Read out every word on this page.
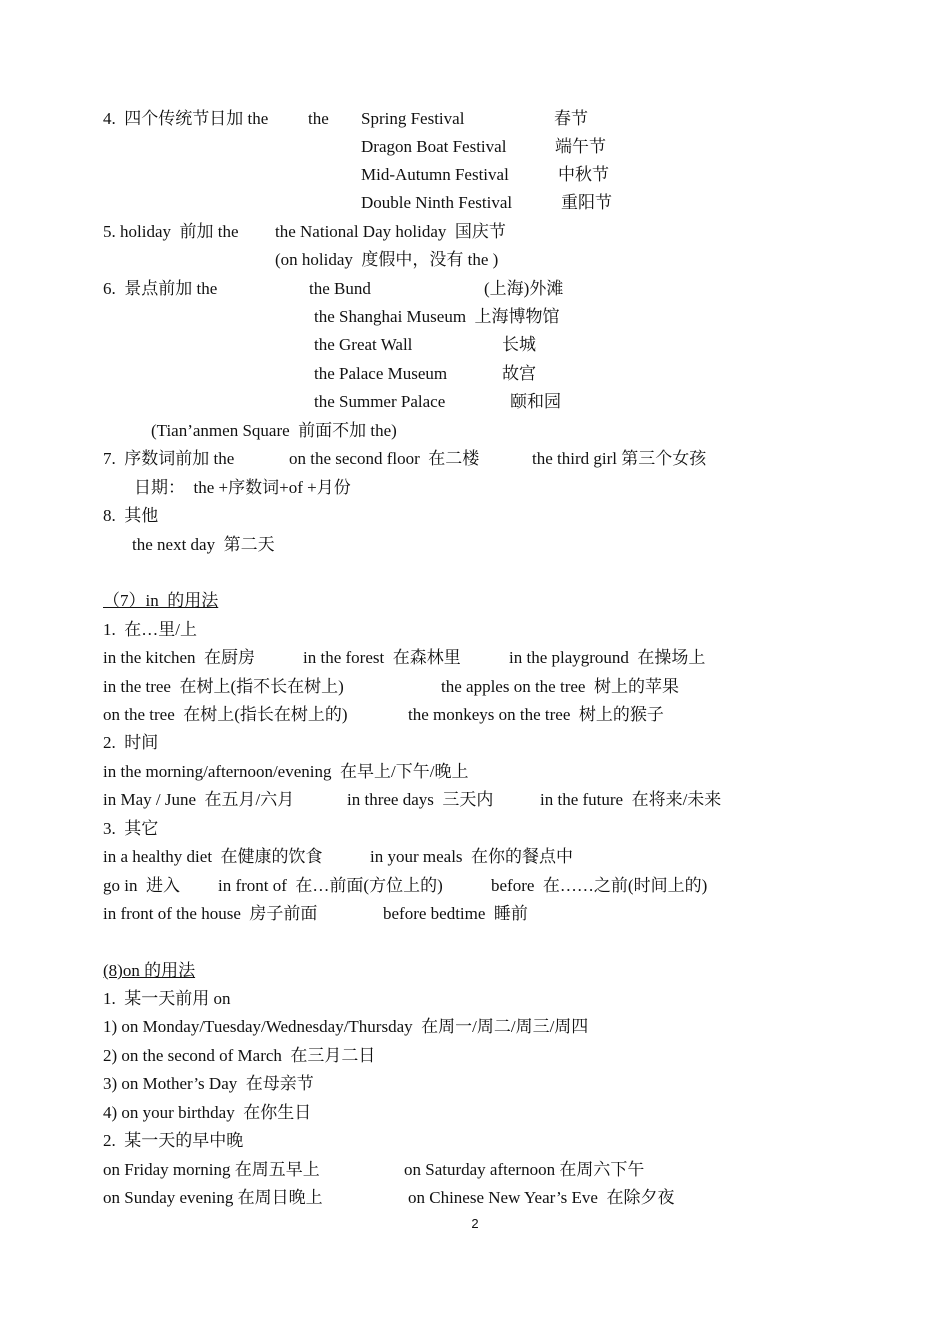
4.  四个传统节日加 the the Spring Festival	春节
Dragon Boat Festival	端午节
Mid-Autumn Festival	中秋节
Double Ninth Festival	重阳节
5. holiday  前加 the the National Day holiday  国庆节
(on holiday  度假中，没有 the )
6.  景点前加 the	the Bund	(上海)外滩
the Shanghai Museum  上海博物馆
the Great Wall	长城
the Palace Museum	故宫
the Summer Palace	颐和园
(Tian’anmen Square  前面不加 the)
7.  序数词前加 the	on the second floor  在二楼	the third girl 第三个女孩
日期：  the +序数词+of +月份
8.  其他
the next day  第二天
（7）in  的用法
1.  在…里/上
in the kitchen  在厨房	in the forest  在森林里	in the playground  在操场上
in the tree  在树上(指不长在树上)	the apples on the tree  树上的苹果
on the tree  在树上(指长在树上的)	the monkeys on the tree  树上的猴子
2.  时间
in the morning/afternoon/evening  在早上/下午/晚上
in May / June  在五月/六月	in three days  三天内	in the future  在将来/未来
3.  其它
in a healthy diet  在健康的饮食	in your meals  在你的餐点中
go in  进入 in front of  在…前面(方位上的)	before  在……之前(时间上的)
in front of the house  房子前面	before bedtime  睡前
(8)on 的用法
1.  某一天前用 on
1) on Monday/Tuesday/Wednesday/Thursday  在周一/周二/周三/周四
2) on the second of March  在三月二日
3) on Mother’s Day  在母亲节
4) on your birthday  在你生日
2.  某一天的早中晚
on Friday morning 在周五早上	on Saturday afternoon 在周六下午
on Sunday evening 在周日晚上	on Chinese New Year’s Eve  在除夕夜
2
